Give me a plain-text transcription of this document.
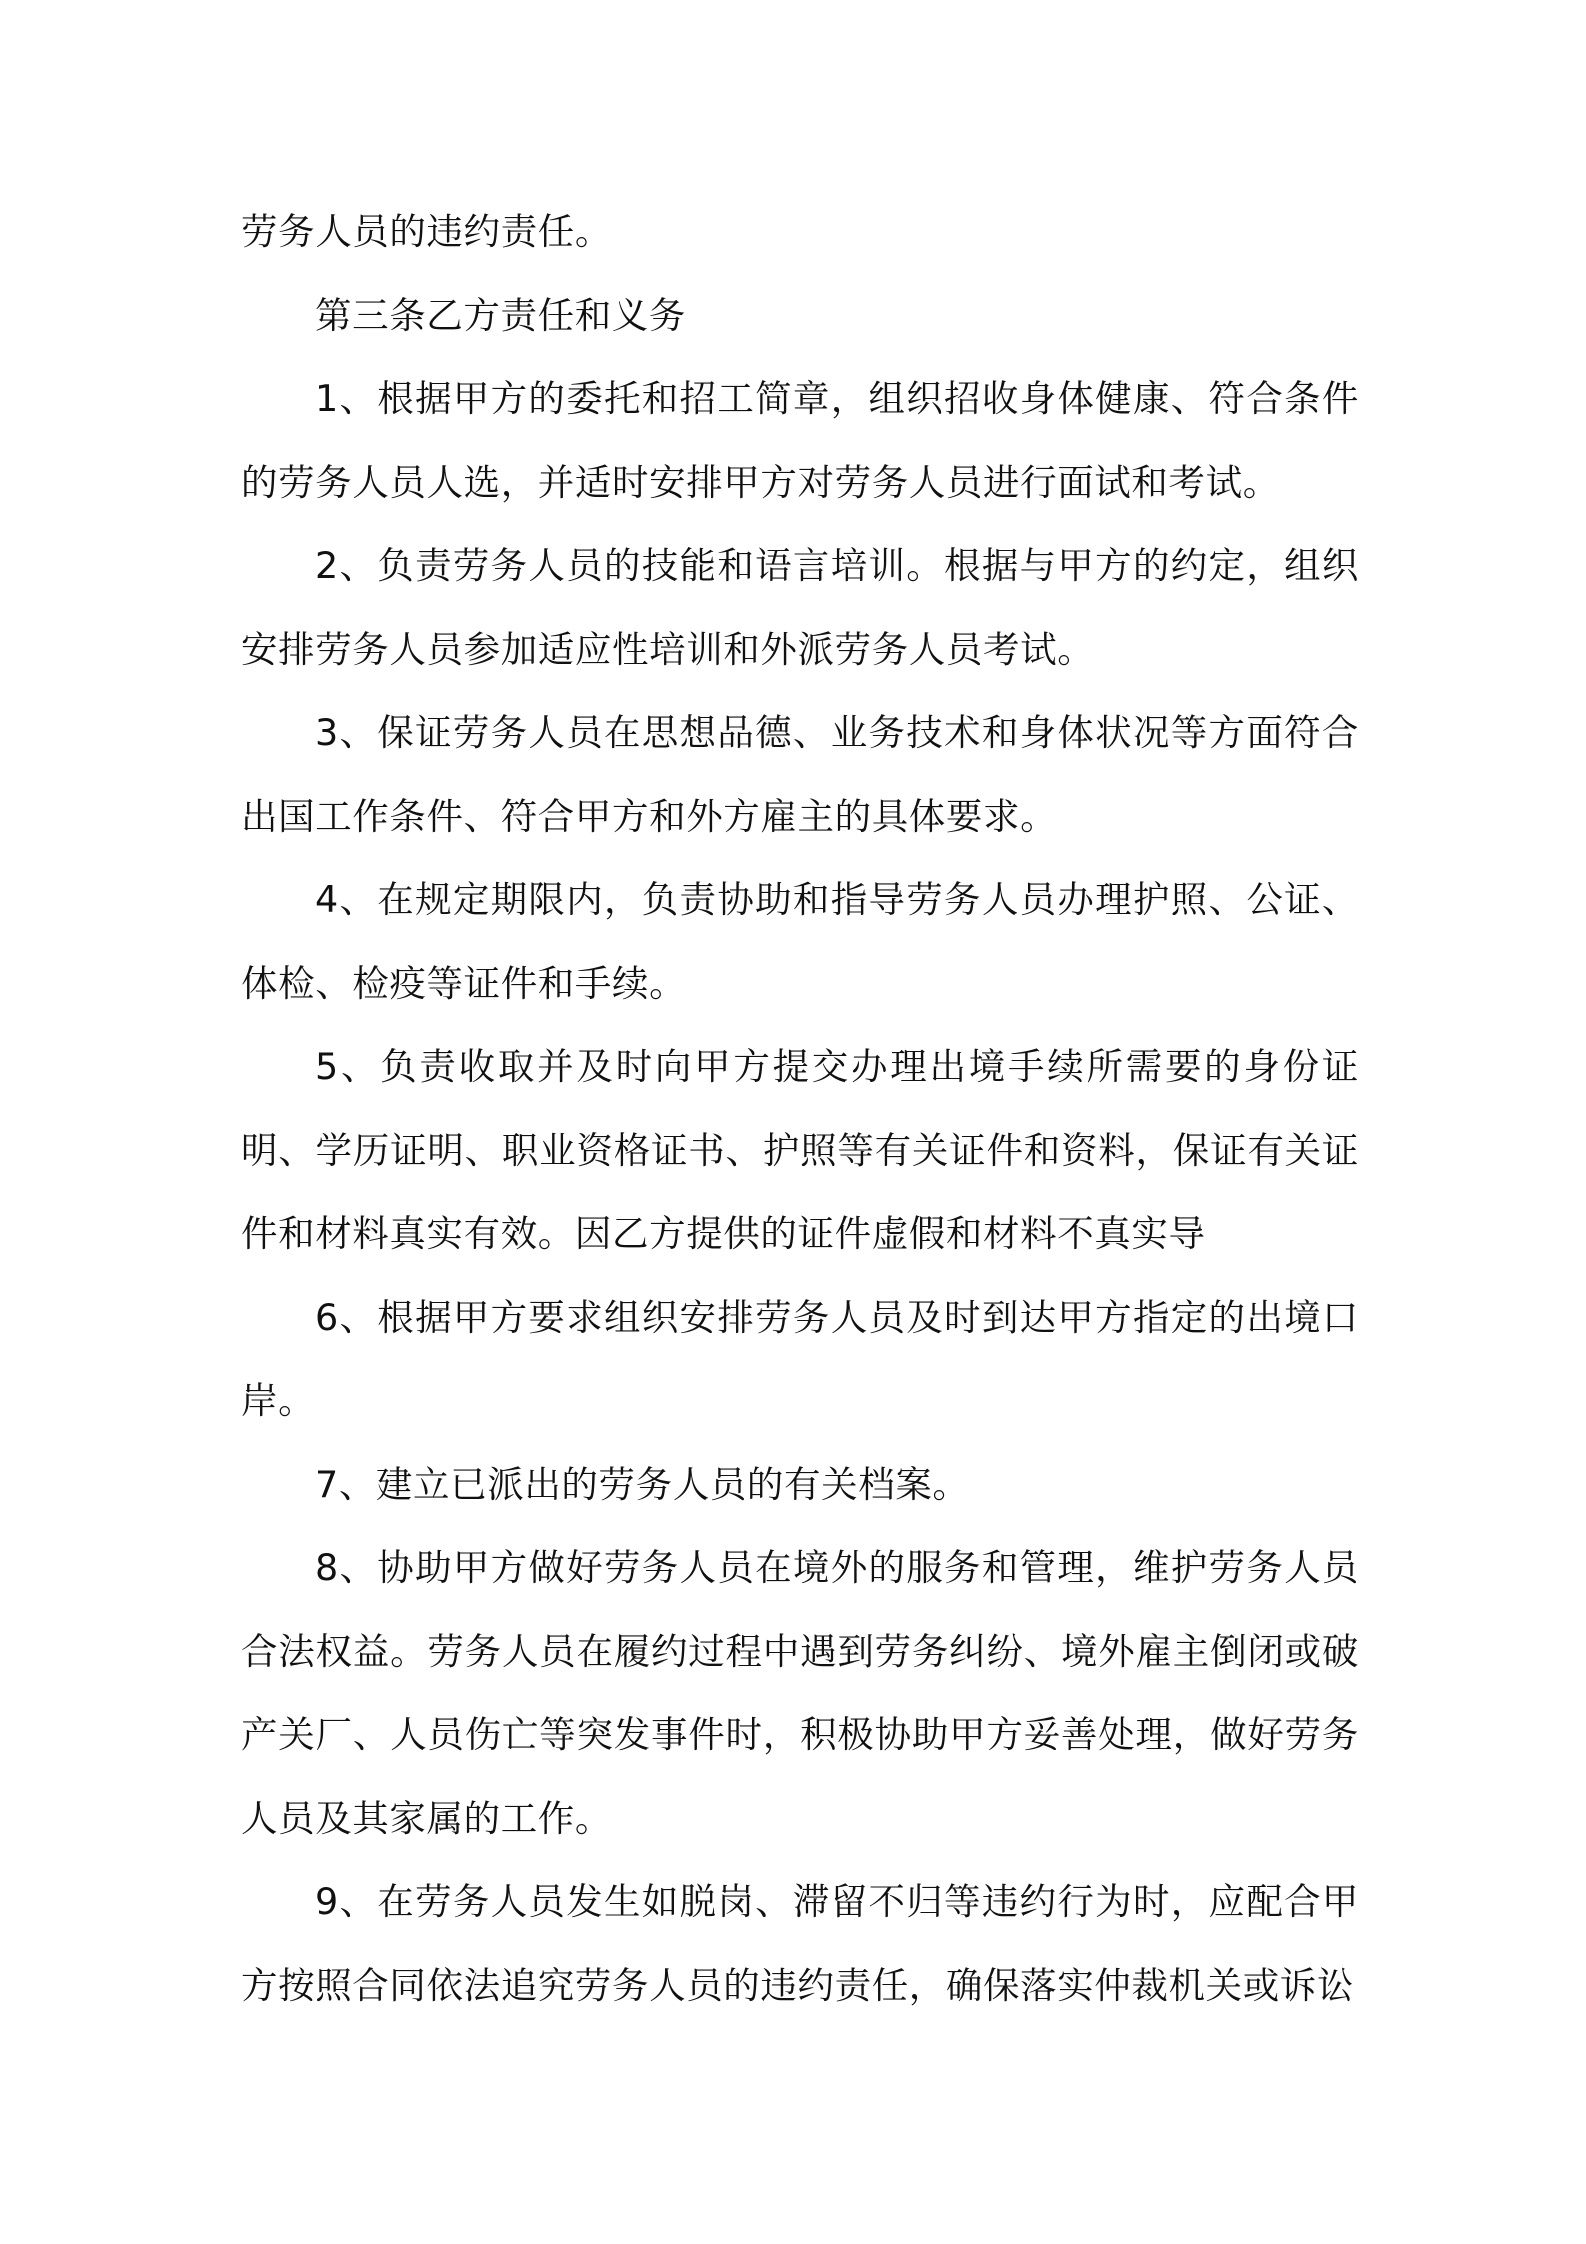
劳务人员的违约责任。

第三条乙方责任和义务

1、根据甲方的委托和招工简章，组织招收身体健康、符合条件的劳务人员人选，并适时安排甲方对劳务人员进行面试和考试。

2、负责劳务人员的技能和语言培训。根据与甲方的约定，组织安排劳务人员参加适应性培训和外派劳务人员考试。

3、保证劳务人员在思想品德、业务技术和身体状况等方面符合出国工作条件、符合甲方和外方雇主的具体要求。

4、在规定期限内，负责协助和指导劳务人员办理护照、公证、体检、检疫等证件和手续。

5、负责收取并及时向甲方提交办理出境手续所需要的身份证明、学历证明、职业资格证书、护照等有关证件和资料，保证有关证件和材料真实有效。因乙方提供的证件虚假和材料不真实导

6、根据甲方要求组织安排劳务人员及时到达甲方指定的出境口岸。

7、建立已派出的劳务人员的有关档案。

8、协助甲方做好劳务人员在境外的服务和管理，维护劳务人员合法权益。劳务人员在履约过程中遇到劳务纠纷、境外雇主倒闭或破产关厂、人员伤亡等突发事件时，积极协助甲方妥善处理，做好劳务人员及其家属的工作。

9、在劳务人员发生如脱岗、滞留不归等违约行为时，应配合甲方按照合同依法追究劳务人员的违约责任，确保落实仲裁机关或诉讼
